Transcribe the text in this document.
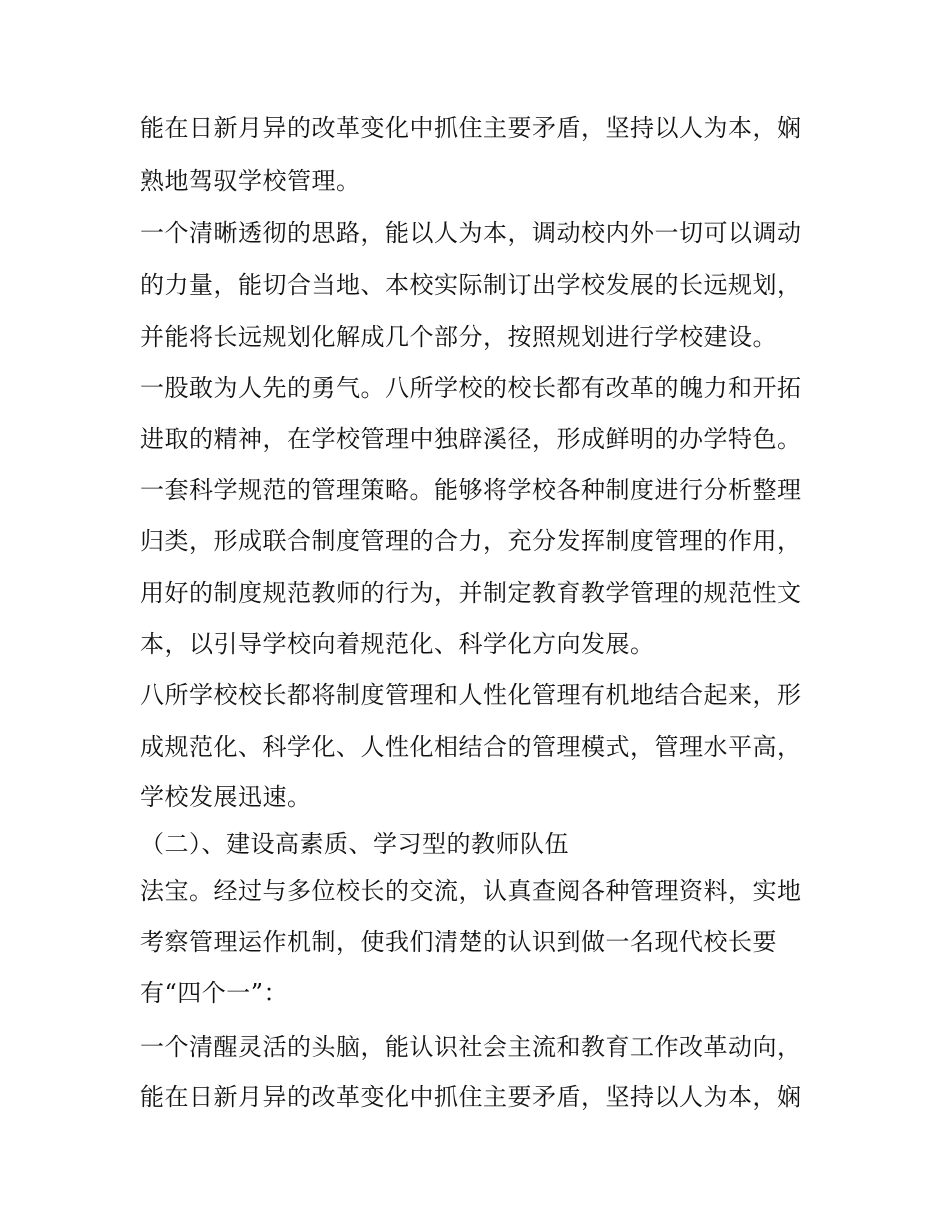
能在日新月异的改革变化中抓住主要矛盾，坚持以人为本，娴
熟地驾驭学校管理。
一个清晰透彻的思路，能以人为本，调动校内外一切可以调动
的力量，能切合当地、本校实际制订出学校发展的长远规划，
并能将长远规划化解成几个部分，按照规划进行学校建设。
一股敢为人先的勇气。八所学校的校长都有改革的魄力和开拓
进取的精神，在学校管理中独辟溪径，形成鲜明的办学特色。
一套科学规范的管理策略。能够将学校各种制度进行分析整理
归类，形成联合制度管理的合力，充分发挥制度管理的作用，
用好的制度规范教师的行为，并制定教育教学管理的规范性文
本，以引导学校向着规范化、科学化方向发展。
八所学校校长都将制度管理和人性化管理有机地结合起来，形
成规范化、科学化、人性化相结合的管理模式，管理水平高，
学校发展迅速。
（二）、建设高素质、学习型的教师队伍
法宝。经过与多位校长的交流，认真查阅各种管理资料，实地
考察管理运作机制，使我们清楚的认识到做一名现代校长要
有“四个一”：
一个清醒灵活的头脑，能认识社会主流和教育工作改革动向，
能在日新月异的改革变化中抓住主要矛盾，坚持以人为本，娴
